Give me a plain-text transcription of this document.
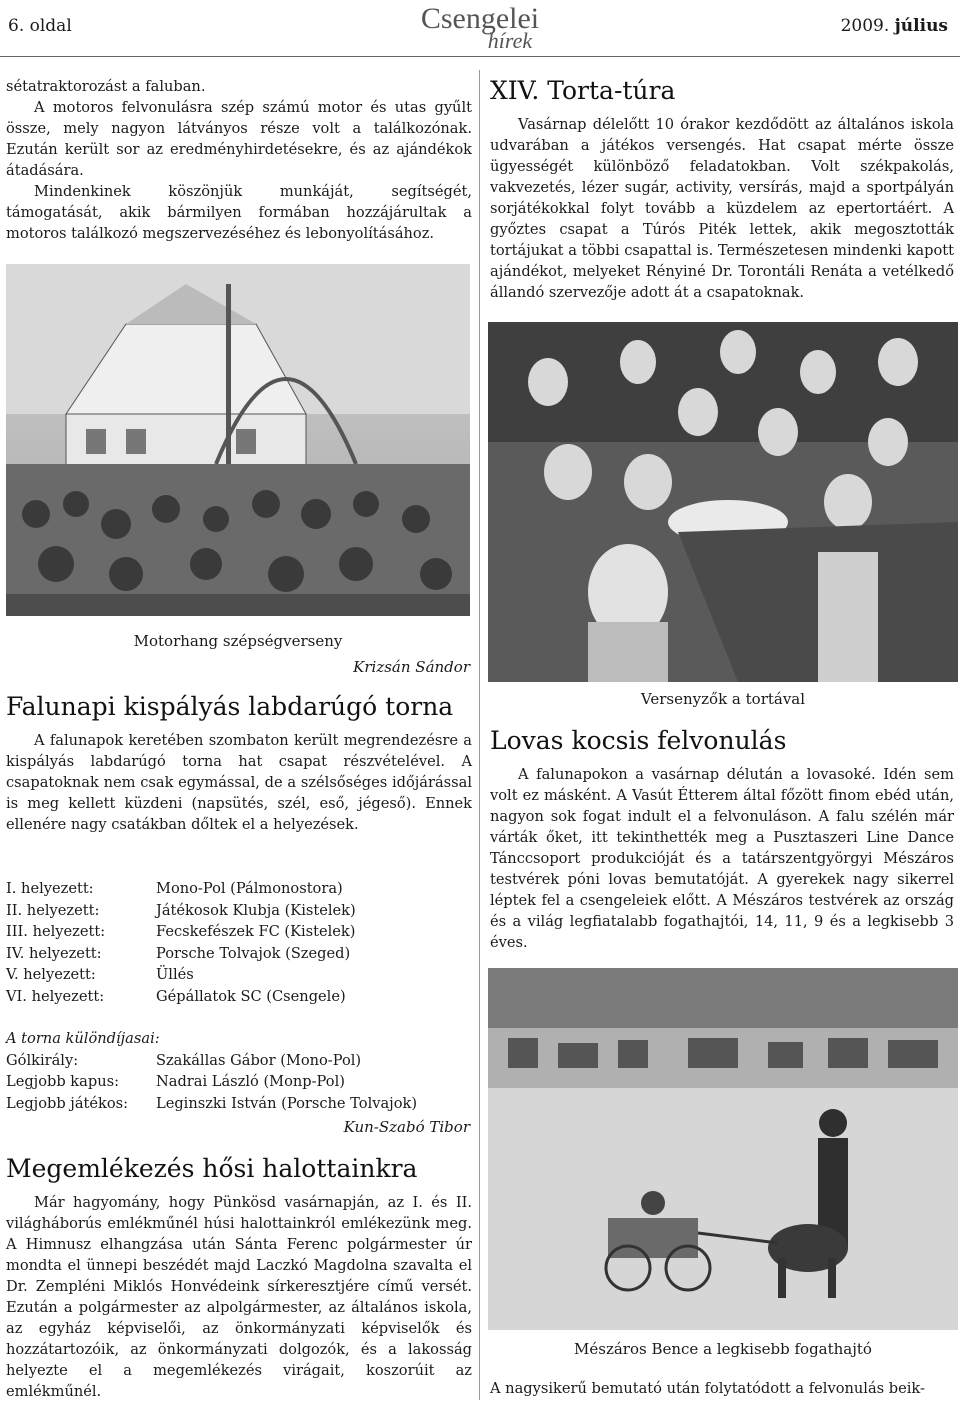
6. oldal	Csengelei
hírek
2009. július

sétatraktorozást a faluban.

A motoros felvonulásra szép számú motor és utas gyűlt össze, mely nagyon látványos része volt a találkozónak. Ezután került sor az eredményhirdetésekre, és az ajándékok átadására.

Mindenkinek köszönjük munkáját, segítségét, támogatását, akik bármilyen formában hozzájárultak a motoros találkozó megszervezéséhez és lebonyolításához.

Motorhang szépségverseny
Krizsán Sándor
Falunapi kispályás labdarúgó torna

A falunapok keretében szombaton került megrendezésre a kispályás labdarúgó torna hat csapat részvételével. A csapatoknak nem csak egymással, de a szélsőséges időjárással is meg kellett küzdeni (napsütés, szél, eső, jégeső). Ennek ellenére nagy csatákban dőltek el a helyezések.

I. helyezett:	Mono-Pol (Pálmonostora)
II. helyezett:	Játékosok Klubja (Kistelek)
III. helyezett:	Fecskefészek FC (Kistelek)
IV. helyezett:	Porsche Tolvajok (Szeged)
V. helyezett:	Üllés
VI. helyezett:	Gépállatok SC (Csengele)
A torna különdíjasai:
Gólkirály:	Szakállas Gábor (Mono-Pol)
Legjobb kapus:	Nadrai László (Monp-Pol)
Legjobb játékos:	Leginszki István (Porsche Tolvajok)
Kun-Szabó Tibor
Megemlékezés hősi halottainkra

Már hagyomány, hogy Pünkösd vasárnapján, az I. és II. világháborús emlékműnél húsi halottainkról emlékezünk meg. A Himnusz elhangzása után Sánta Ferenc polgármester úr mondta el ünnepi beszédét majd Laczkó Magdolna szavalta el Dr. Zempléni Miklós Honvédeink sírkeresztjére című versét. Ezután a polgármester az alpolgármester, az általános iskola, az egyház képviselői, az önkormányzati képviselők és hozzátartozóik, az önkormányzati dolgozók, és a lakosság helyezte el a megemlékezés virágait, koszorúit az emlékműnél.

XIV. Torta-túra

Vasárnap délelőtt 10 órakor kezdődött az általános iskola udvarában a játékos versengés. Hat csapat mérte össze ügyességét különböző feladatokban. Volt székpakolás, vakvezetés, lézer sugár, activity, versírás, majd a sportpályán sorjátékokkal folyt tovább a küzdelem az epertortáért. A győztes csapat a Túrós Piték lettek, akik megosztották tortájukat a többi csapattal is. Természetesen mindenki kapott ajándékot, melyeket Rényiné Dr. Torontáli Renáta a vetélkedő állandó szervezője adott át a csapatoknak.

Versenyzők a tortával
Lovas kocsis felvonulás

A falunapokon a vasárnap délután a lovasoké. Idén sem volt ez másként. A Vasút Étterem által főzött finom ebéd után, nagyon sok fogat indult el a felvonuláson. A falu szélén már várták őket, itt tekinthették meg a Pusztaszeri Line Dance Tánccsoport produkcióját és a tatárszentgyörgyi Mészáros testvérek póni lovas bemutatóját. A gyerekek nagy sikerrel léptek fel a csengeleiek előtt. A Mészáros testvérek az ország és a világ legfiatalabb fogathajtói, 14, 11, 9 és a legkisebb 3 éves.

Mészáros Bence a legkisebb fogathajtó
A nagysikerű bemutató után folytatódott a felvonulás beik-
